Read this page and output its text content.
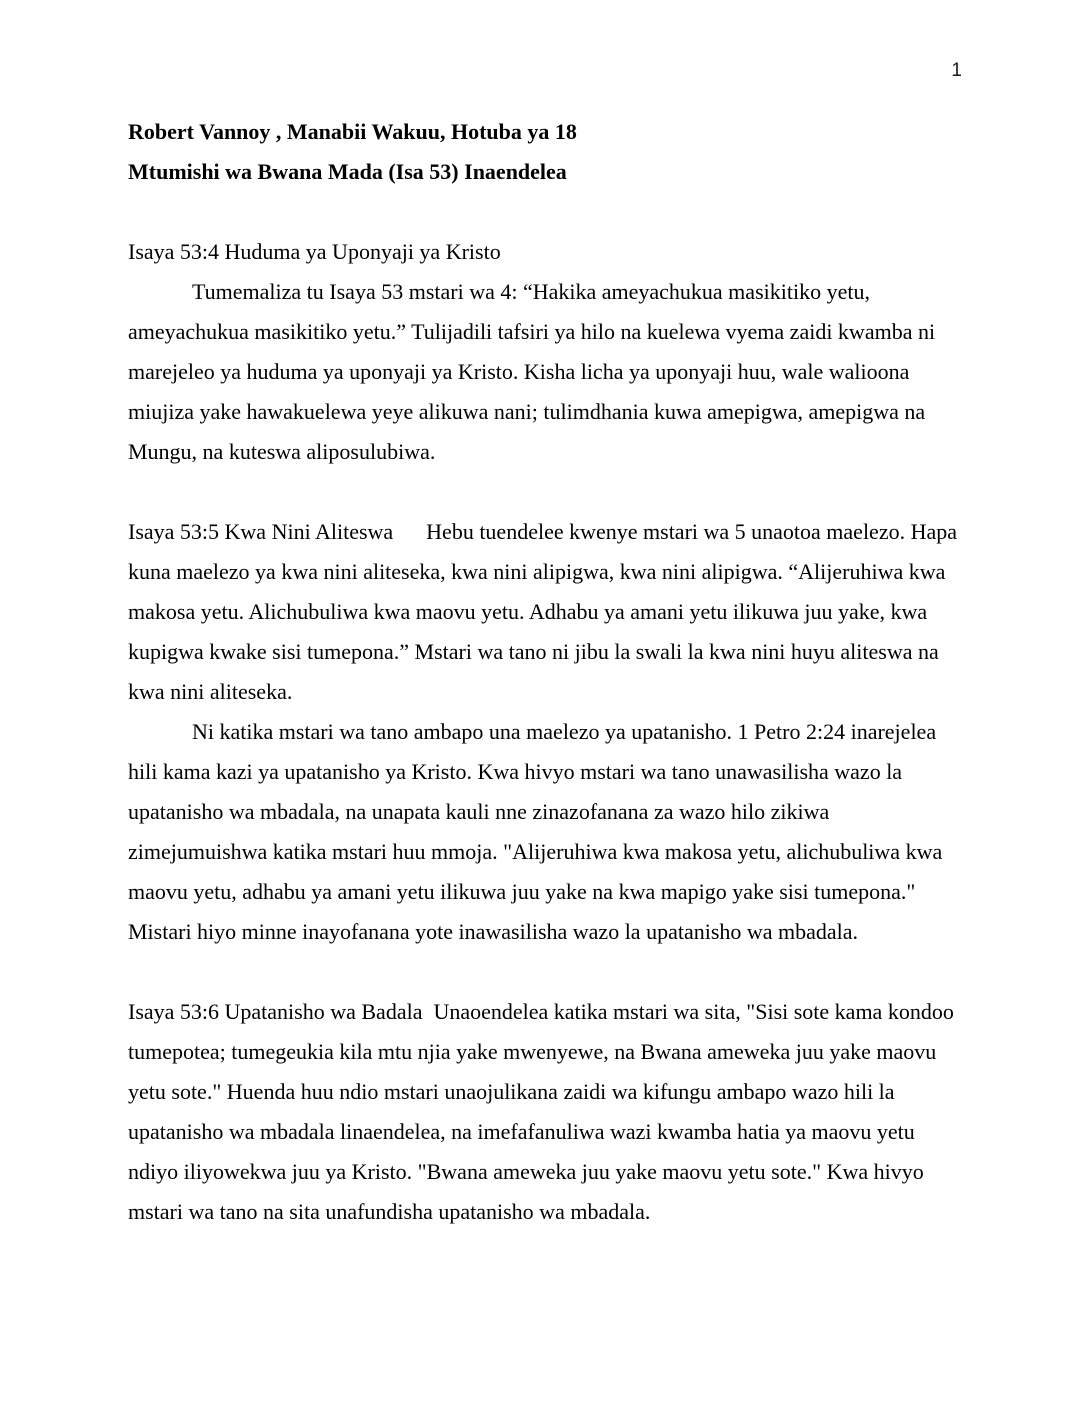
1

Robert Vannoy , Manabii Wakuu, Hotuba ya 18

Mtumishi wa Bwana Mada (Isa 53) Inaendelea

Isaya 53:4 Huduma ya Uponyaji ya Kristo

Tumemaliza tu Isaya 53 mstari wa 4: “Hakika ameyachukua masikitiko yetu, ameyachukua masikitiko yetu.” Tulijadili tafsiri ya hilo na kuelewa vyema zaidi kwamba ni marejeleo ya huduma ya uponyaji ya Kristo. Kisha licha ya uponyaji huu, wale walioona miujiza yake hawakuelewa yeye alikuwa nani; tulimdhania kuwa amepigwa, amepigwa na Mungu, na kuteswa aliposulubiwa.

Isaya 53:5 Kwa Nini Aliteswa      Hebu tuendelee kwenye mstari wa 5 unaotoa maelezo. Hapa kuna maelezo ya kwa nini aliteseka, kwa nini alipigwa, kwa nini alipigwa. “Alijeruhiwa kwa makosa yetu. Alichubuliwa kwa maovu yetu. Adhabu ya amani yetu ilikuwa juu yake, kwa kupigwa kwake sisi tumepona.” Mstari wa tano ni jibu la swali la kwa nini huyu aliteswa na kwa nini aliteseka.

Ni katika mstari wa tano ambapo una maelezo ya upatanisho. 1 Petro 2:24 inarejelea hili kama kazi ya upatanisho ya Kristo. Kwa hivyo mstari wa tano unawasilisha wazo la upatanisho wa mbadala, na unapata kauli nne zinazofanana za wazo hilo zikiwa zimejumuishwa katika mstari huu mmoja. "Alijeruhiwa kwa makosa yetu, alichubuliwa kwa maovu yetu, adhabu ya amani yetu ilikuwa juu yake na kwa mapigo yake sisi tumepona." Mistari hiyo minne inayofanana yote inawasilisha wazo la upatanisho wa mbadala.

Isaya 53:6 Upatanisho wa Badala  Unaoendelea katika mstari wa sita, "Sisi sote kama kondoo tumepotea; tumegeukia kila mtu njia yake mwenyewe, na Bwana ameweka juu yake maovu yetu sote." Huenda huu ndio mstari unaojulikana zaidi wa kifungu ambapo wazo hili la upatanisho wa mbadala linaendelea, na imefafanuliwa wazi kwamba hatia ya maovu yetu ndiyo iliyowekwa juu ya Kristo. "Bwana ameweka juu yake maovu yetu sote." Kwa hivyo mstari wa tano na sita unafundisha upatanisho wa mbadala.
